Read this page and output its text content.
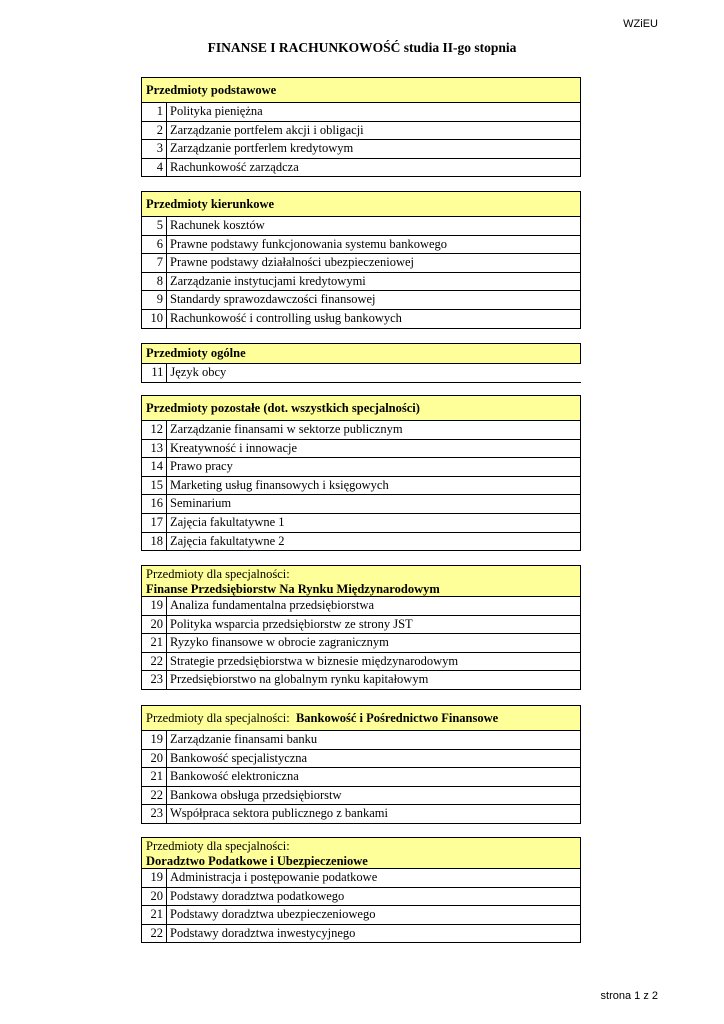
WZiEU
FINANSE I RACHUNKOWOŚĆ studia II-go stopnia
Przedmioty podstawowe
1 Polityka pieniężna
2 Zarządzanie portfelem akcji i obligacji
3 Zarządzanie portferlem kredytowym
4 Rachunkowość zarządcza
Przedmioty kierunkowe
5 Rachunek kosztów
6 Prawne podstawy funkcjonowania systemu bankowego
7 Prawne podstawy działalności ubezpieczeniowej
8 Zarządzanie instytucjami kredytowymi
9 Standardy sprawozdawczości finansowej
10 Rachunkowość i controlling usług bankowych
Przedmioty ogólne
11 Język obcy
Przedmioty pozostałe (dot. wszystkich specjalności)
12 Zarządzanie finansami w sektorze publicznym
13 Kreatywność i innowacje
14 Prawo pracy
15 Marketing usług finansowych i księgowych
16 Seminarium
17 Zajęcia fakultatywne 1
18 Zajęcia fakultatywne 2
Przedmioty dla specjalności:
Finanse Przedsiębiorstw Na Rynku Międzynarodowym
19 Analiza fundamentalna przedsiębiorstwa
20 Polityka wsparcia przedsiębiorstw ze strony JST
21 Ryzyko finansowe w obrocie zagranicznym
22 Strategie przedsiębiorstwa w biznesie międzynarodowym
23 Przedsiębiorstwo na globalnym rynku kapitałowym
Przedmioty dla specjalności: Bankowość i Pośrednictwo Finansowe
19 Zarządzanie finansami banku
20 Bankowość specjalistyczna
21 Bankowość elektroniczna
22 Bankowa obsługa przedsiębiorstw
23 Współpraca sektora publicznego z bankami
Przedmioty dla specjalności:
Doradztwo Podatkowe i Ubezpieczeniowe
19 Administracja i postępowanie podatkowe
20 Podstawy doradztwa podatkowego
21 Podstawy doradztwa ubezpieczeniowego
22 Podstawy doradztwa inwestycyjnego
strona 1 z 2
